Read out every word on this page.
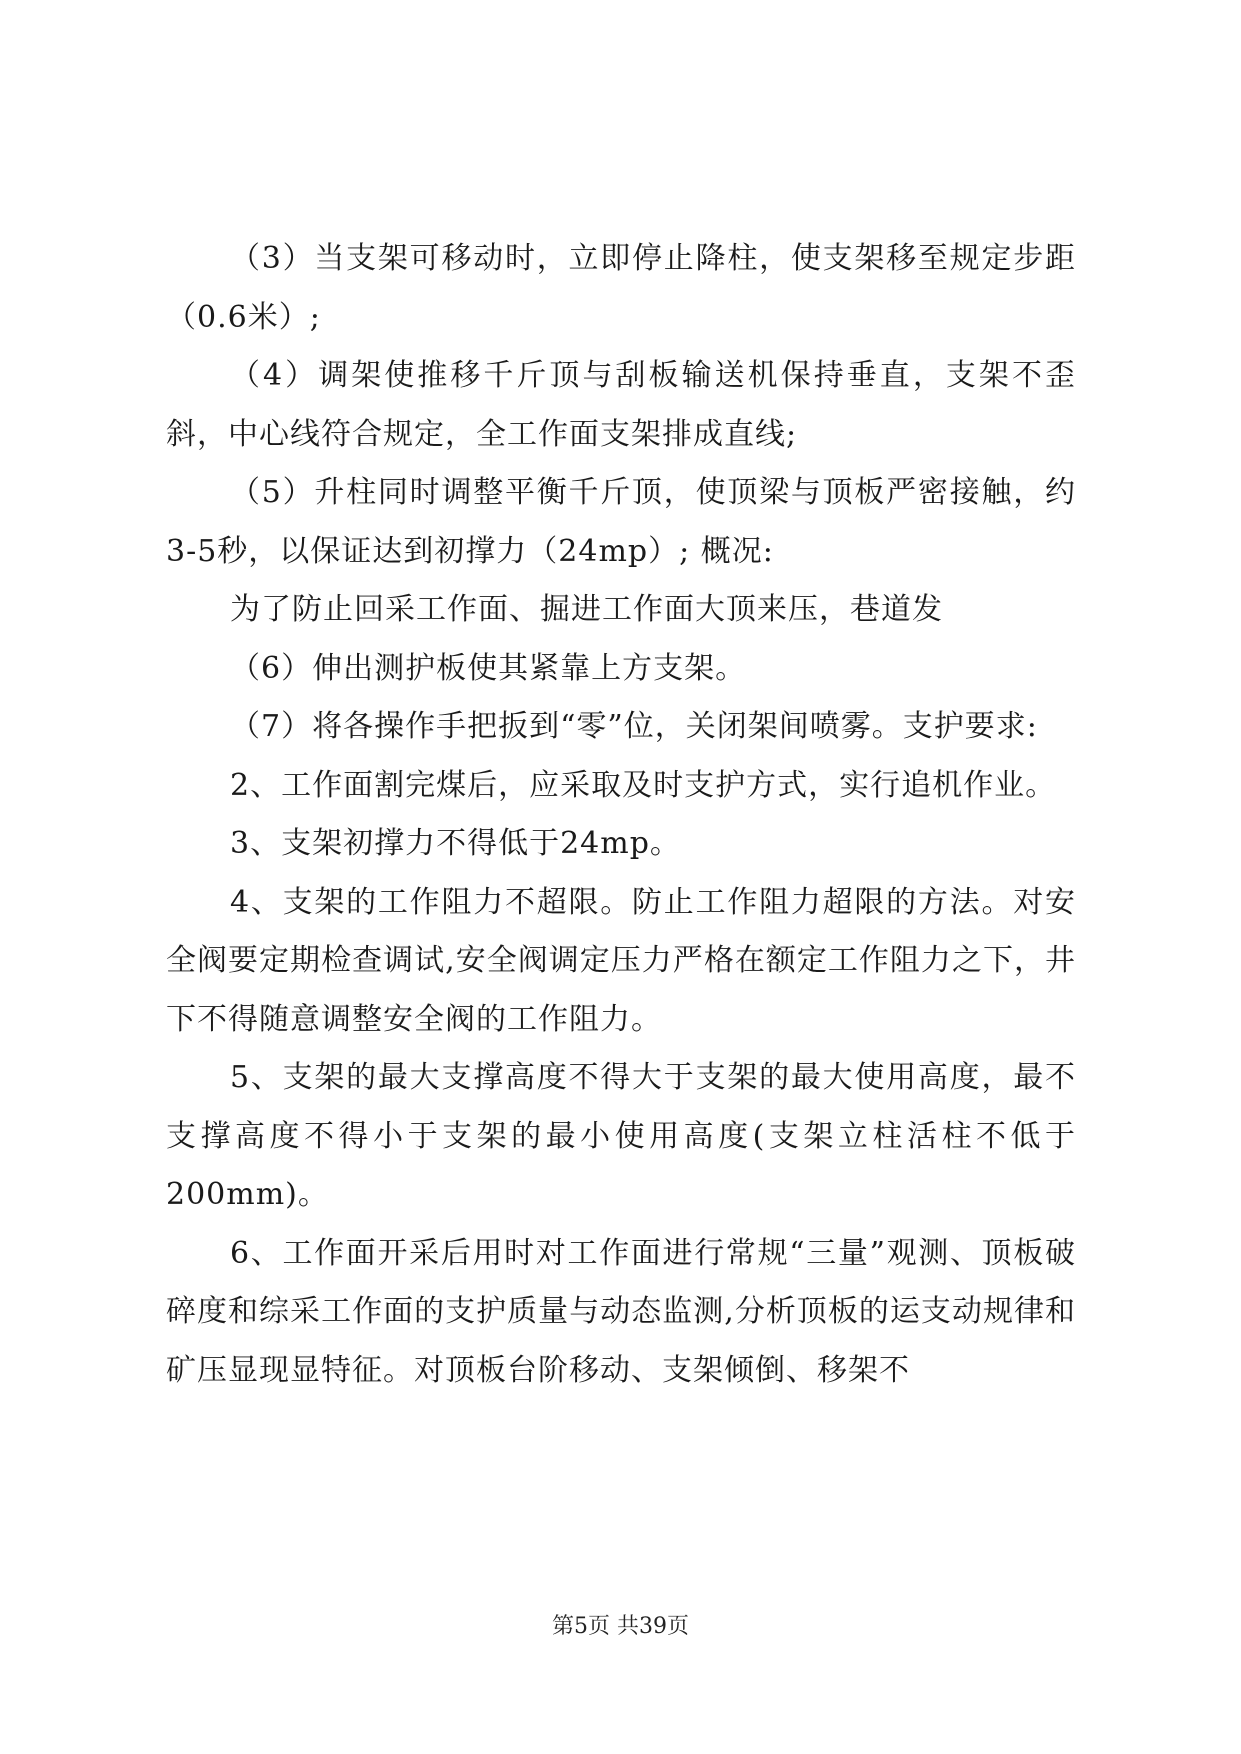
（3）当支架可移动时，立即停止降柱，使支架移至规定步距（0.6米）;

（4）调架使推移千斤顶与刮板输送机保持垂直，支架不歪斜，中心线符合规定，全工作面支架排成直线;

（5）升柱同时调整平衡千斤顶，使顶梁与顶板严密接触，约3-5秒，以保证达到初撑力（24mp）; 概况:

为了防止回采工作面、掘进工作面大顶来压，巷道发

（6）伸出测护板使其紧靠上方支架。

（7）将各操作手把扳到“零”位，关闭架间喷雾。支护要求:

2、工作面割完煤后，应采取及时支护方式，实行追机作业。

3、支架初撑力不得低于24mp。

4、支架的工作阻力不超限。防止工作阻力超限的方法。对安全阀要定期检查调试,安全阀调定压力严格在额定工作阻力之下，井下不得随意调整安全阀的工作阻力。

5、支架的最大支撑高度不得大于支架的最大使用高度，最不支撑高度不得小于支架的最小使用高度(支架立柱活柱不低于200mm)。

6、工作面开采后用时对工作面进行常规“三量”观测、顶板破碎度和综采工作面的支护质量与动态监测,分析顶板的运支动规律和矿压显现显特征。对顶板台阶移动、支架倾倒、移架不

第5页 共39页
